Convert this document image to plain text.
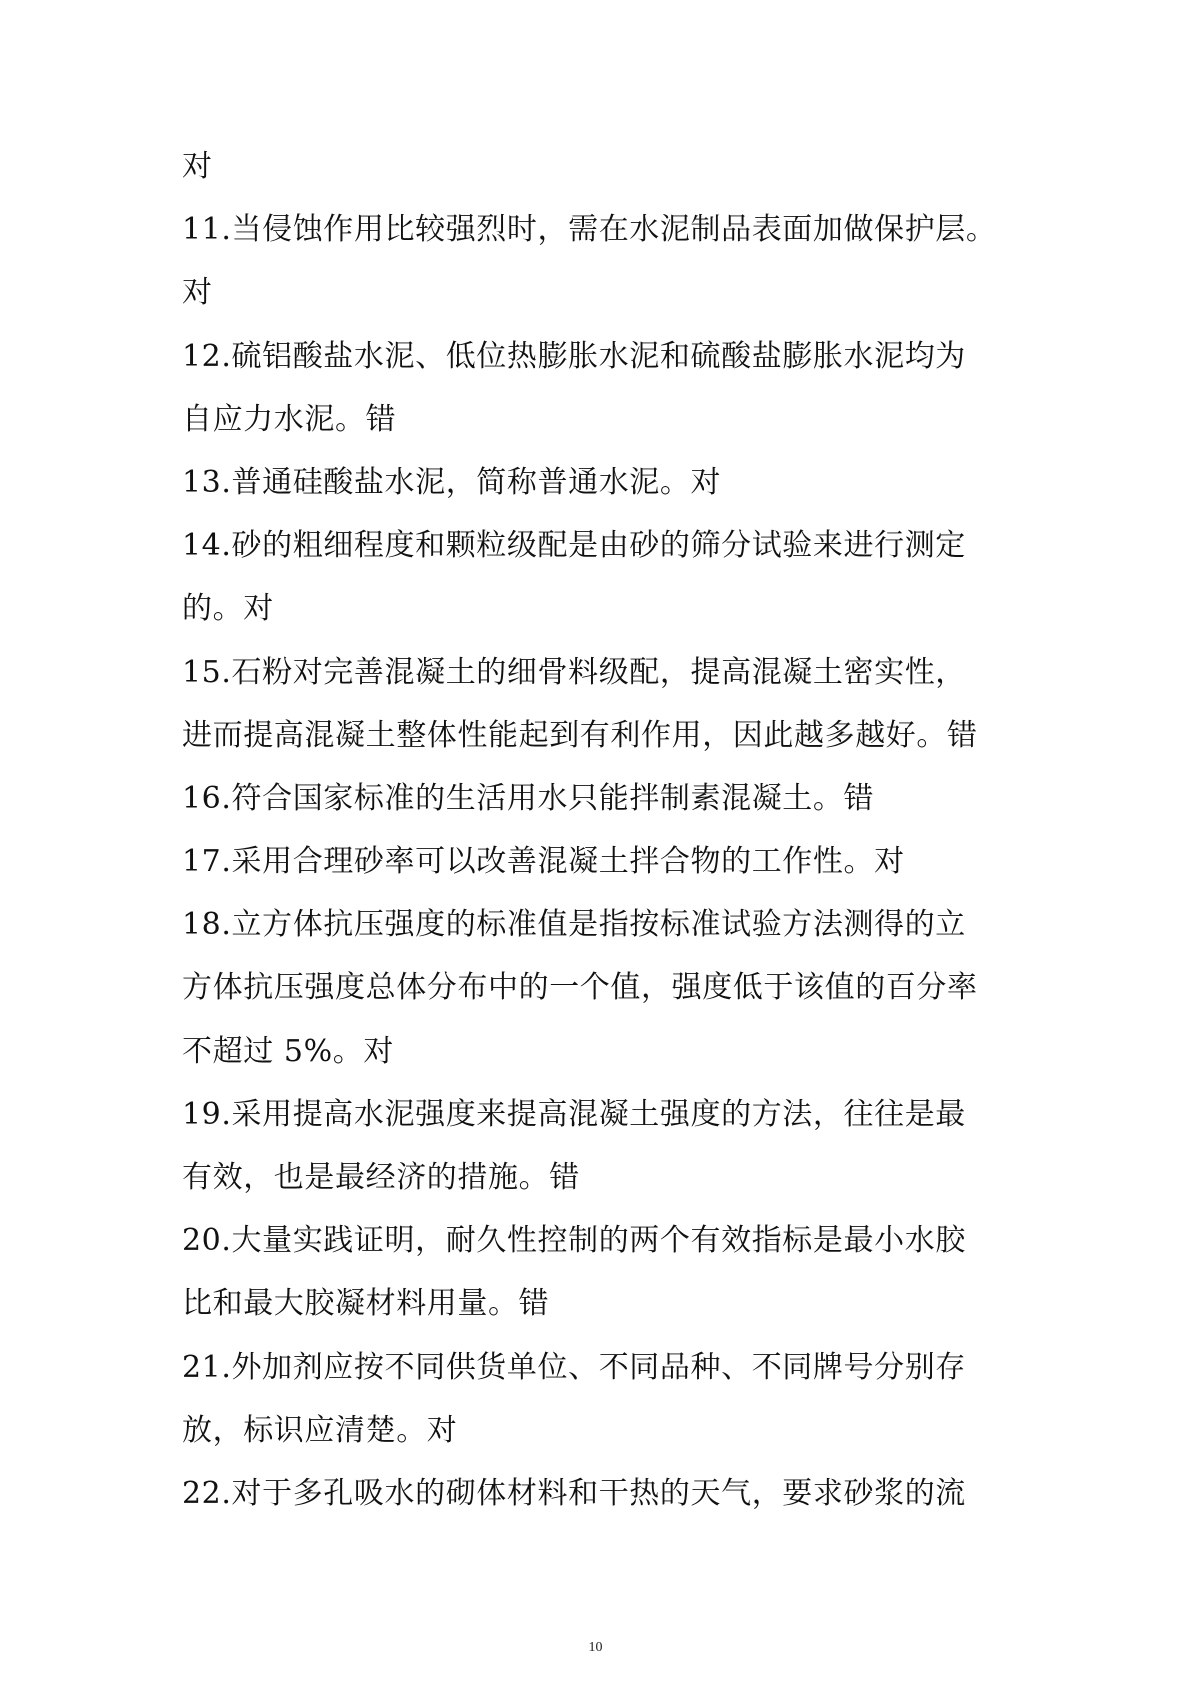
对
11.当侵蚀作用比较强烈时，需在水泥制品表面加做保护层。
对
12.硫铝酸盐水泥、低位热膨胀水泥和硫酸盐膨胀水泥均为
自应力水泥。错
13.普通硅酸盐水泥，简称普通水泥。对
14.砂的粗细程度和颗粒级配是由砂的筛分试验来进行测定
的。对
15.石粉对完善混凝土的细骨料级配，提高混凝土密实性，
进而提高混凝土整体性能起到有利作用，因此越多越好。错
16.符合国家标准的生活用水只能拌制素混凝土。错
17.采用合理砂率可以改善混凝土拌合物的工作性。对
18.立方体抗压强度的标准值是指按标准试验方法测得的立
方体抗压强度总体分布中的一个值，强度低于该值的百分率
不超过 5%。对
19.采用提高水泥强度来提高混凝土强度的方法，往往是最
有效，也是最经济的措施。错
20.大量实践证明，耐久性控制的两个有效指标是最小水胶
比和最大胶凝材料用量。错
21.外加剂应按不同供货单位、不同品种、不同牌号分别存
放，标识应清楚。对
22.对于多孔吸水的砌体材料和干热的天气，要求砂浆的流
10
